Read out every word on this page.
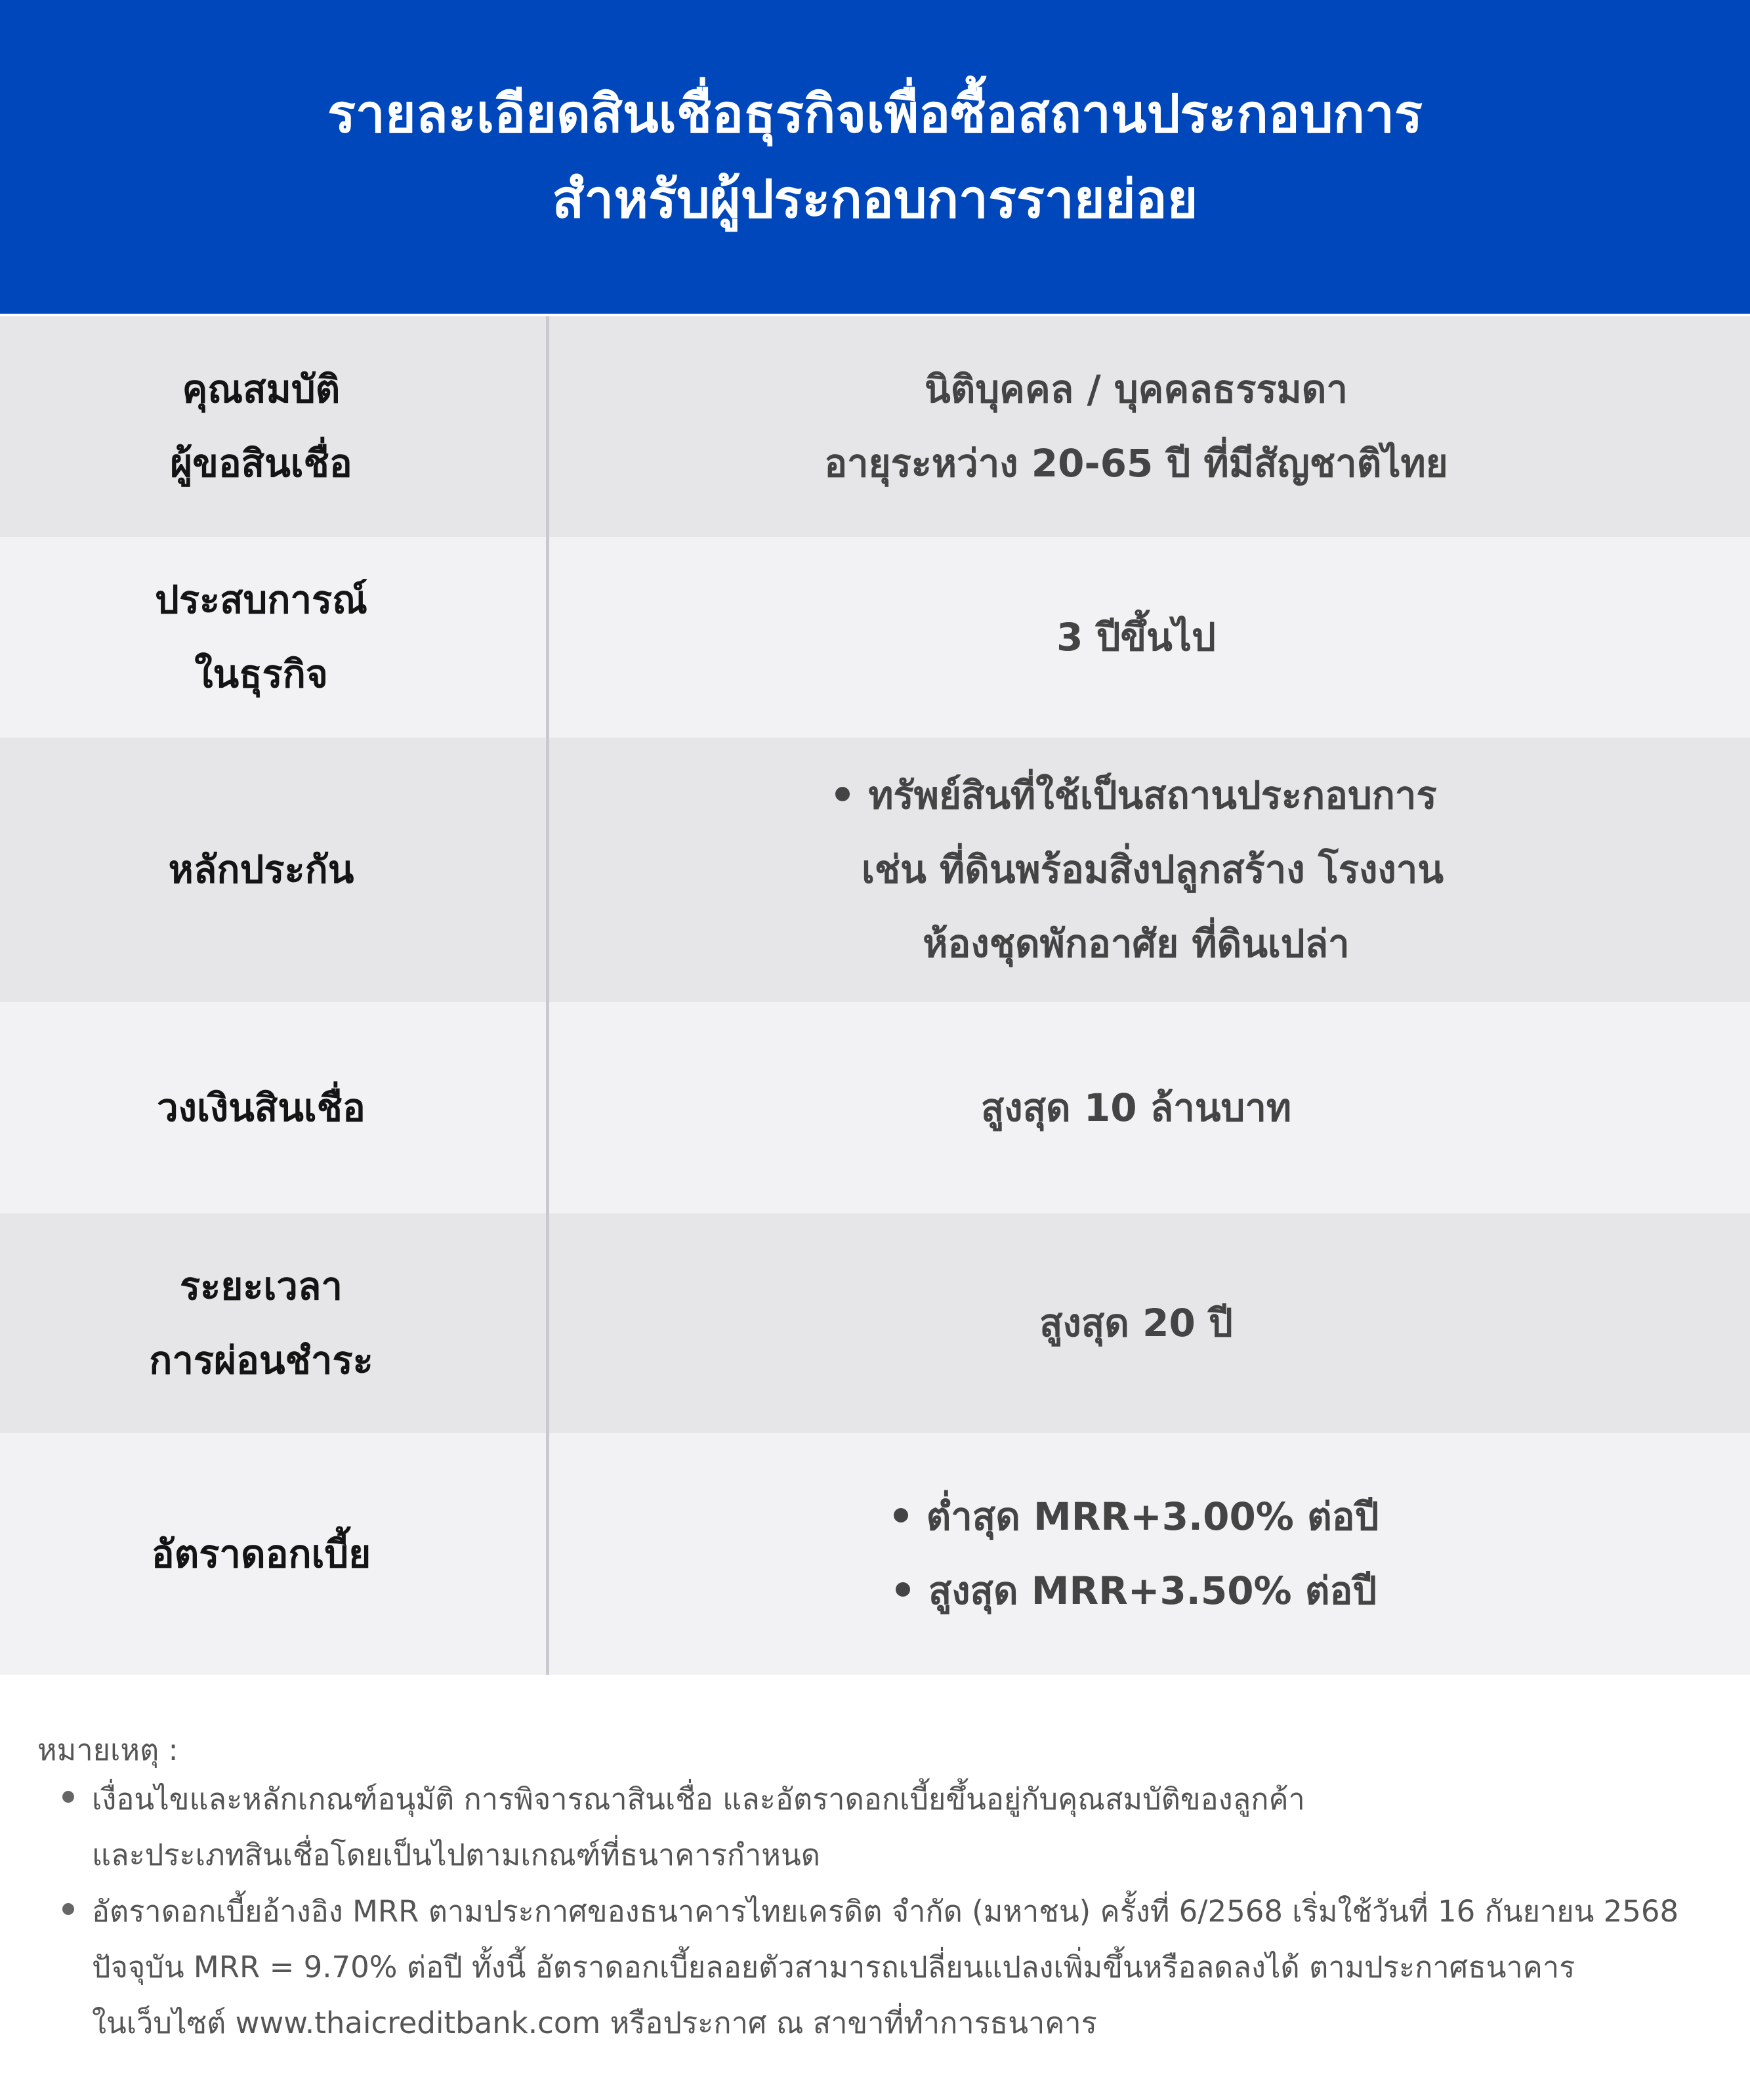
รายละเอียดสินเชื่อธุรกิจเพื่อซื้อสถานประกอบการ
สำหรับผู้ประกอบการรายย่อย
คุณสมบัติ
ผู้ขอสินเชื่อ
นิติบุคคล / บุคคลธรรมดา
อายุระหว่าง 20-65 ปี ที่มีสัญชาติไทย
ประสบการณ์
ในธุรกิจ
3 ปีขึ้นไป
หลักประกัน
ทรัพย์สินที่ใช้เป็นสถานประกอบการ
เช่น ที่ดินพร้อมสิ่งปลูกสร้าง โรงงาน
ห้องชุดพักอาศัย ที่ดินเปล่า
วงเงินสินเชื่อ	สูงสุด 10 ล้านบาท
ระยะเวลา
การผ่อนชำระ
สูงสุด 20 ปี
อัตราดอกเบี้ย
ต่ำสุด MRR+3.00% ต่อปี
สูงสุด MRR+3.50% ต่อปี
หมายเหตุ :
เงื่อนไขและหลักเกณฑ์อนุมัติ การพิจารณาสินเชื่อ และอัตราดอกเบี้ยขึ้นอยู่กับคุณสมบัติของลูกค้า
และประเภทสินเชื่อโดยเป็นไปตามเกณฑ์ที่ธนาคารกำหนด
อัตราดอกเบี้ยอ้างอิง MRR ตามประกาศของธนาคารไทยเครดิต จำกัด (มหาชน) ครั้งที่ 6/2568 เริ่มใช้วันที่ 16 กันยายน 2568
ปัจจุบัน MRR = 9.70% ต่อปี ทั้งนี้ อัตราดอกเบี้ยลอยตัวสามารถเปลี่ยนแปลงเพิ่มขึ้นหรือลดลงได้ ตามประกาศธนาคาร
ในเว็บไซต์ www.thaicreditbank.com หรือประกาศ ณ สาขาที่ทำการธนาคาร
